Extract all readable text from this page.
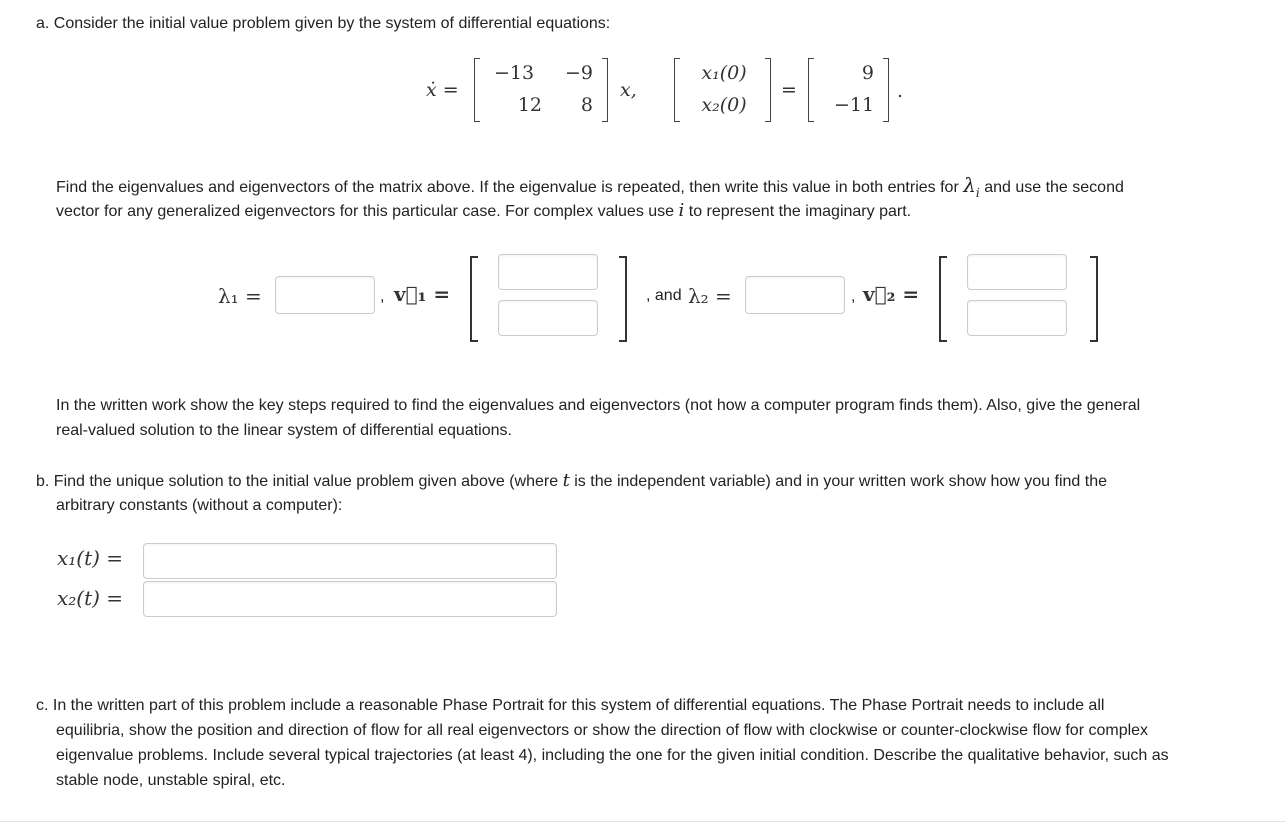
a. Consider the initial value problem given by the system of differential equations:

ẋ =
−13	−9
12	8
x,
x₁(0)
x₂(0)
=
9
−11
.

Find the eigenvalues and eigenvectors of the matrix above. If the eigenvalue is repeated, then write this value in both entries for $\lambda_i$ and use the second

vector for any generalized eigenvectors for this particular case. For complex values use i to represent the imaginary part.

λ₁ =	, v⃗₁ =	, and λ₂ =	, v⃗₂ =

In the written work show the key steps required to find the eigenvalues and eigenvectors (not how a computer program finds them). Also, give the general

real-valued solution to the linear system of differential equations.

b. Find the unique solution to the initial value problem given above (where t is the independent variable) and in your written work show how you find the

arbitrary constants (without a computer):

x₁(t) =
x₂(t) =

c. In the written part of this problem include a reasonable Phase Portrait for this system of differential equations. The Phase Portrait needs to include all

equilibria, show the position and direction of flow for all real eigenvectors or show the direction of flow with clockwise or counter-clockwise flow for complex

eigenvalue problems. Include several typical trajectories (at least 4), including the one for the given initial condition. Describe the qualitative behavior, such as

stable node, unstable spiral, etc.
